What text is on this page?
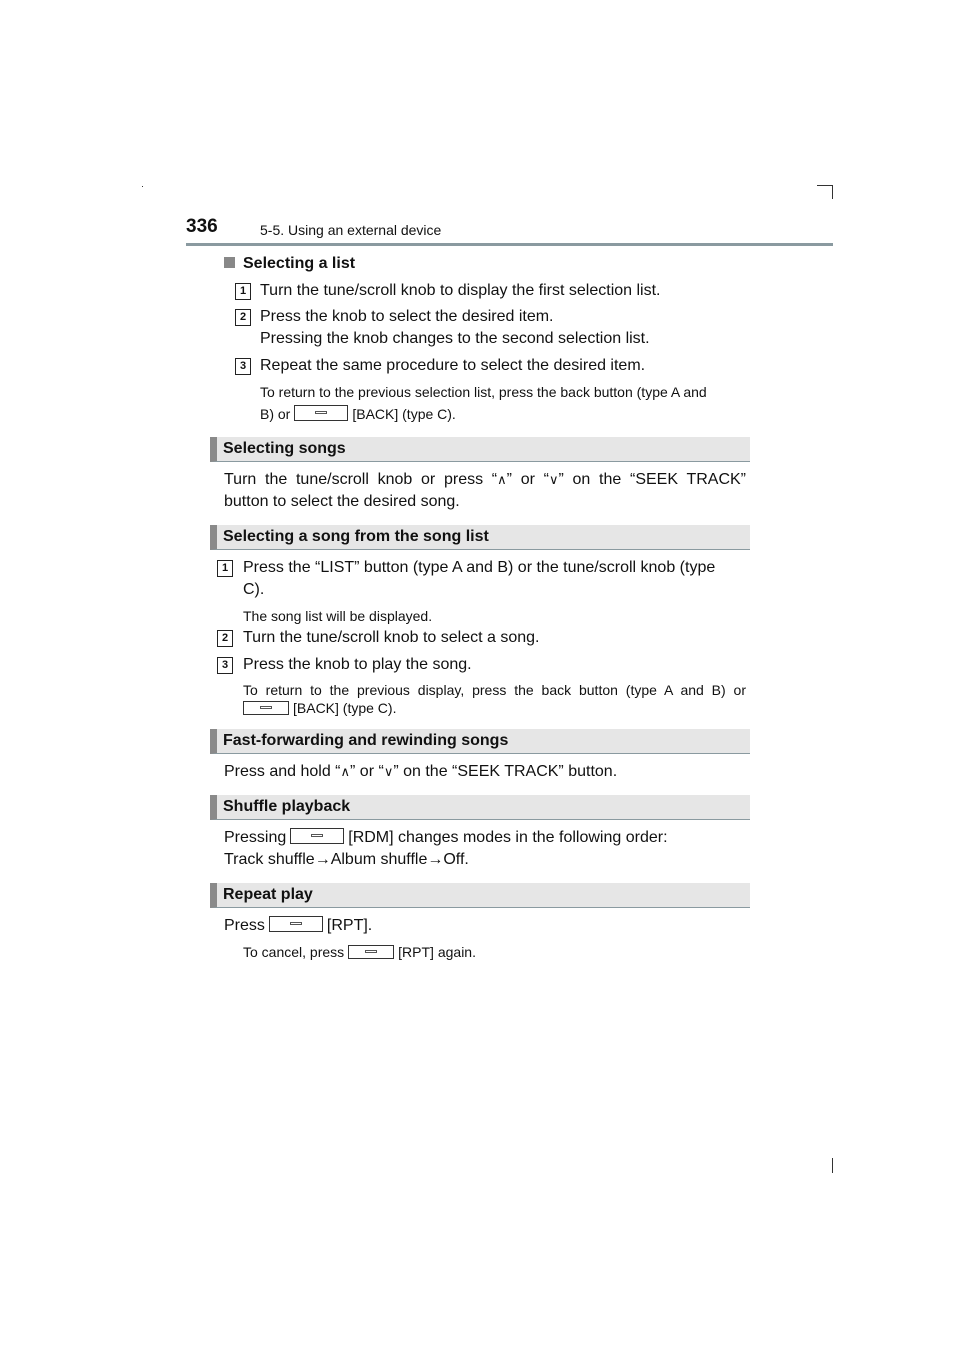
336	5-5. Using an external device
Selecting a list
1 Turn the tune/scroll knob to display the first selection list.
2 Press the knob to select the desired item.
Pressing the knob changes to the second selection list.
3 Repeat the same procedure to select the desired item.
To return to the previous selection list, press the back button (type A and
B) or	[BACK] (type C).
Selecting songs
Turn the tune/scroll knob or press “∧” or “∨” on the “SEEK TRACK”
button to select the desired song.
Selecting a song from the song list
1 Press the “LIST” button (type A and B) or the tune/scroll knob (type
C).
The song list will be displayed.
2 Turn the tune/scroll knob to select a song.
3 Press the knob to play the song.
To return to the previous display, press the back button (type A and B) or
[BACK] (type C).
Fast-forwarding and rewinding songs
Press and hold “∧” or “∨” on the “SEEK TRACK” button.
Shuffle playback
Pressing	[RDM] changes modes in the following order:
Track shuffle→Album shuffle→Off.
Repeat play
Press	[RPT].
To cancel, press	[RPT] again.
